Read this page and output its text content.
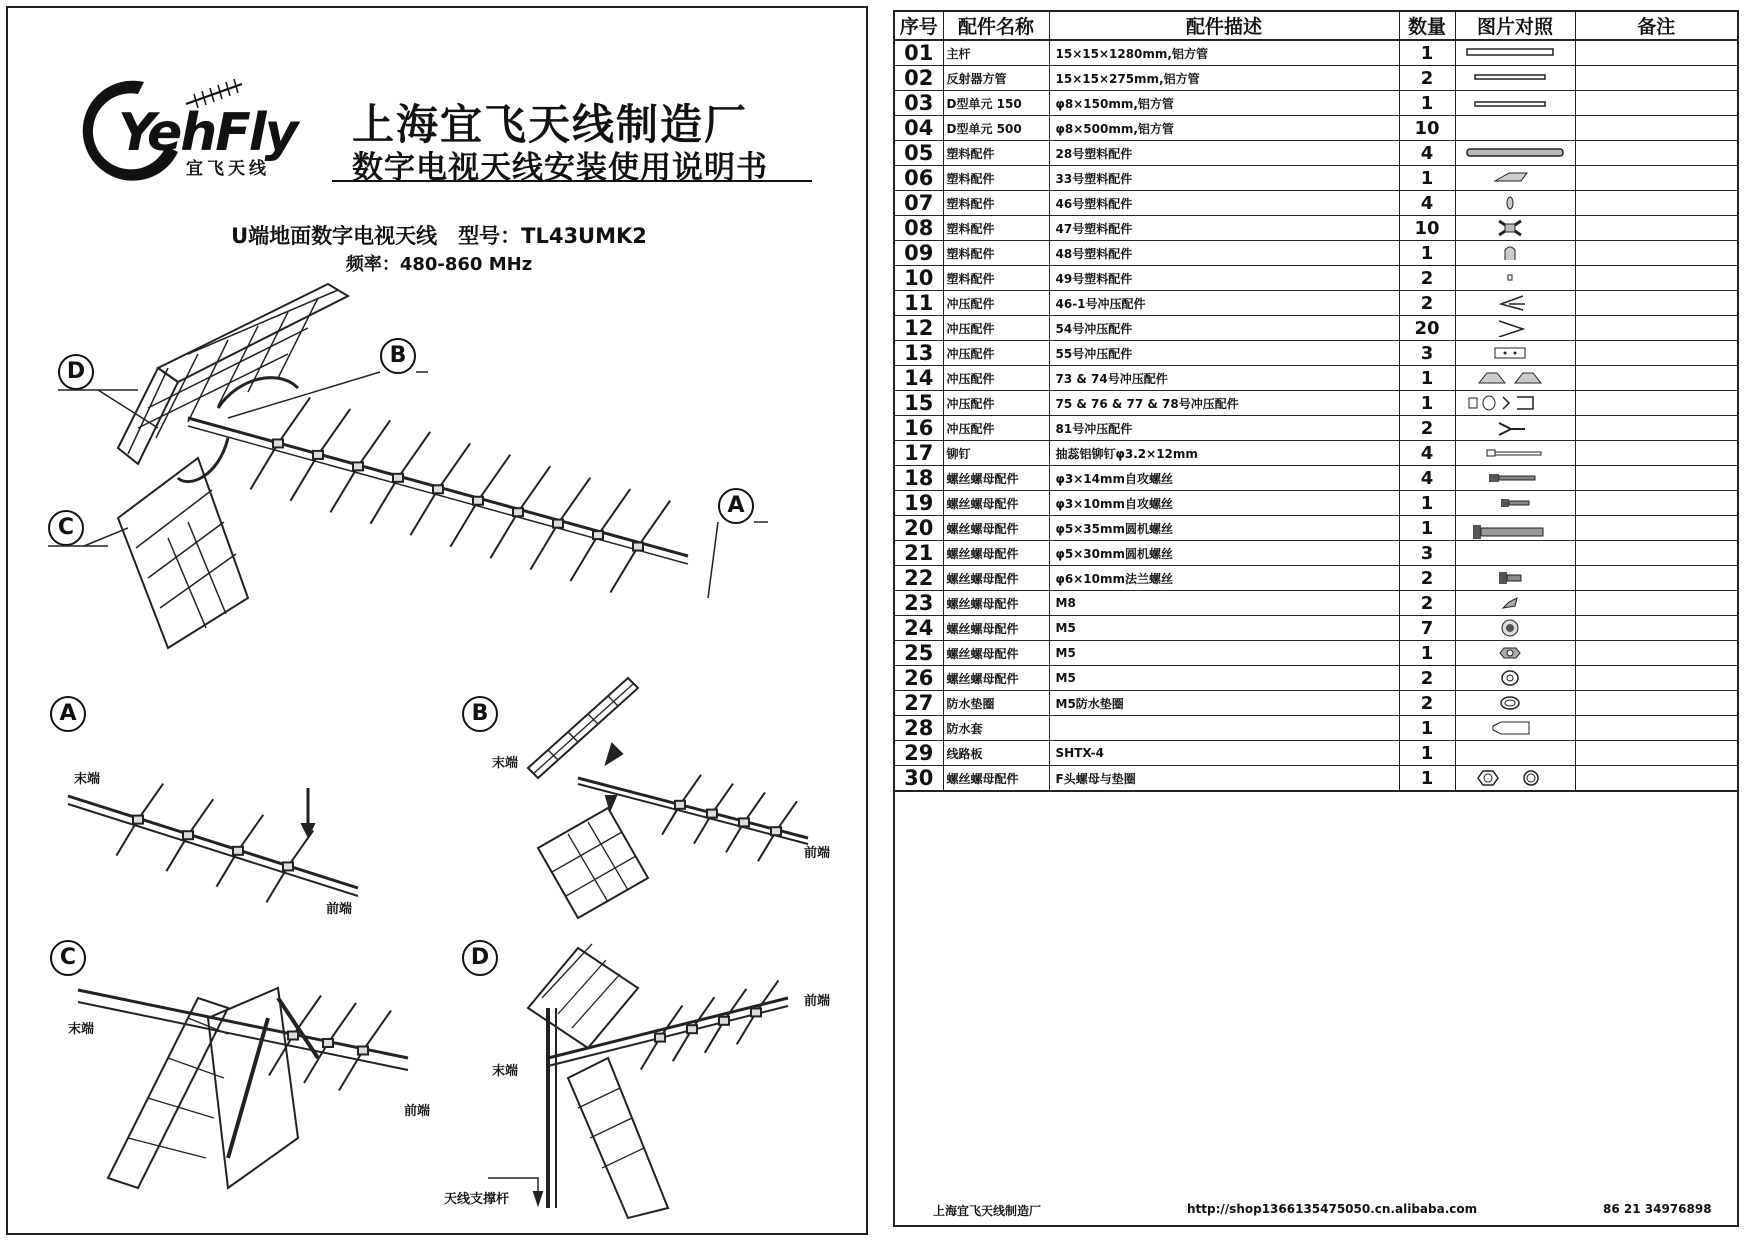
YehFly
宜飞天线
上海宜飞天线制造厂
数字电视天线安装使用说明书
U端地面数字电视天线　型号：TL43UMK2
频率：480-860 MHz
D
B
C
A
A
末端
前端
B
末端
前端
C
末端
前端
D
前端
末端
天线支撑杆
序号	配件名称	配件描述	数量	图片对照	备注
01	主杆	15×15×1280mm,铝方管	1	

02	反射器方管	15×15×275mm,铝方管	2	

03	D型单元 150	φ8×150mm,铝方管	1	

04	D型单元 500	φ8×500mm,铝方管	10		
05	塑料配件	28号塑料配件	4	

06	塑料配件	33号塑料配件	1	

07	塑料配件	46号塑料配件	4	

08	塑料配件	47号塑料配件	10	

09	塑料配件	48号塑料配件	1	

10	塑料配件	49号塑料配件	2	

11	冲压配件	46-1号冲压配件	2	

12	冲压配件	54号冲压配件	20	

13	冲压配件	55号冲压配件	3	

14	冲压配件	73 & 74号冲压配件	1	

15	冲压配件	75 & 76 & 77 & 78号冲压配件	1	

16	冲压配件	81号冲压配件	2	

17	铆钉	抽蕊铝铆钉φ3.2×12mm	4	

18	螺丝螺母配件	φ3×14mm自攻螺丝	4	

19	螺丝螺母配件	φ3×10mm自攻螺丝	1	

20	螺丝螺母配件	φ5×35mm圆机螺丝	1	

21	螺丝螺母配件	φ5×30mm圆机螺丝	3		
22	螺丝螺母配件	φ6×10mm法兰螺丝	2	

23	螺丝螺母配件	M8	2	

24	螺丝螺母配件	M5	7	

25	螺丝螺母配件	M5	1	

26	螺丝螺母配件	M5	2	

27	防水垫圈	M5防水垫圈	2	

28	防水套		1	

29	线路板	SHTX-4	1		
30	螺丝螺母配件	F头螺母与垫圈	1	

上海宜飞天线制造厂	http://shop1366135475050.cn.alibaba.com	86 21 34976898
